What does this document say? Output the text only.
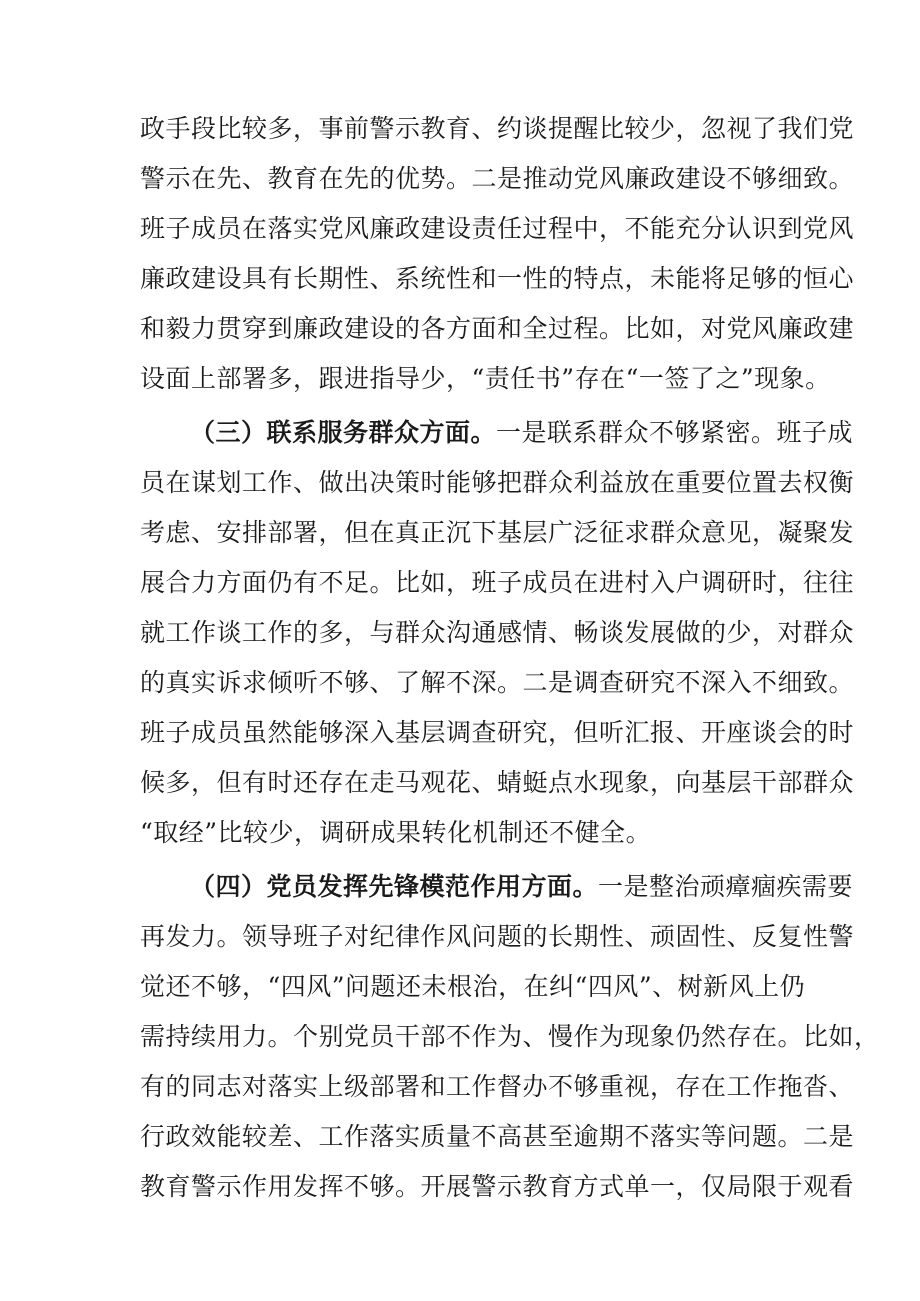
政手段比较多，事前警示教育、约谈提醒比较少，忽视了我们党
警示在先、教育在先的优势。二是推动党风廉政建设不够细致。
班子成员在落实党风廉政建设责任过程中，不能充分认识到党风
廉政建设具有长期性、系统性和一性的特点，未能将足够的恒心
和毅力贯穿到廉政建设的各方面和全过程。比如，对党风廉政建
设面上部署多，跟进指导少，“责任书”存在“一签了之”现象。
（三）联系服务群众方面。一是联系群众不够紧密。班子成
员在谋划工作、做出决策时能够把群众利益放在重要位置去权衡
考虑、安排部署，但在真正沉下基层广泛征求群众意见，凝聚发
展合力方面仍有不足。比如，班子成员在进村入户调研时，往往
就工作谈工作的多，与群众沟通感情、畅谈发展做的少，对群众
的真实诉求倾听不够、了解不深。二是调查研究不深入不细致。
班子成员虽然能够深入基层调查研究，但听汇报、开座谈会的时
候多，但有时还存在走马观花、蜻蜓点水现象，向基层干部群众
“取经”比较少，调研成果转化机制还不健全。
（四）党员发挥先锋模范作用方面。一是整治顽瘴痼疾需要
再发力。领导班子对纪律作风问题的长期性、顽固性、反复性警
觉还不够，“四风”问题还未根治，在纠“四风”、树新风上仍
需持续用力。个别党员干部不作为、慢作为现象仍然存在。比如，
有的同志对落实上级部署和工作督办不够重视，存在工作拖沓、
行政效能较差、工作落实质量不高甚至逾期不落实等问题。二是
教育警示作用发挥不够。开展警示教育方式单一，仅局限于观看
